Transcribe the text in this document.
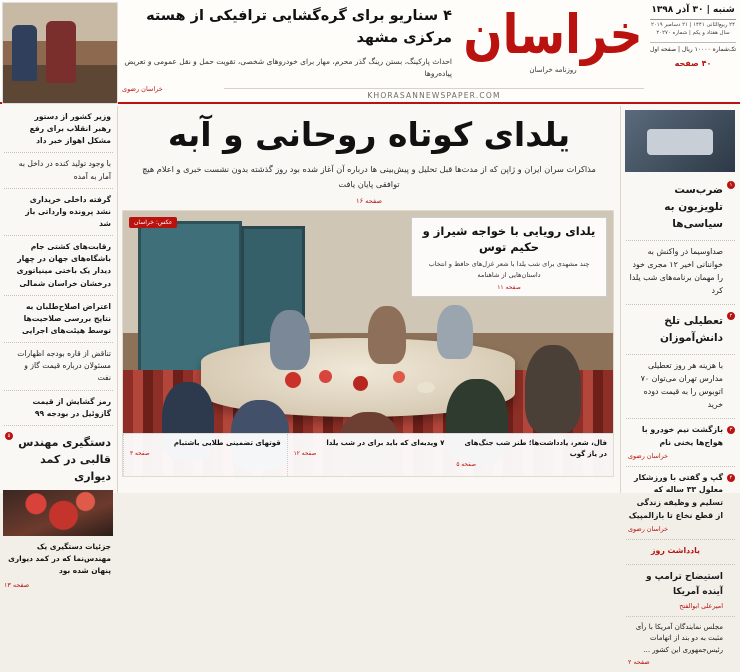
شنبه | ۳۰ آذر ۱۳۹۸
۲۴ ربیع‌الثانی ۱۴۴۱ | ۲۱ دسامبر ۲۰۱۹
سال هفتاد و یکم | شماره ۲۰۲۷۰
تک‌شماره ۱۰۰۰۰ ریال | صفحه اول
۴۰ صفحه
خراسان
روزنامه خراسان
۴ سناریو برای گره‌گشایی ترافیکی از هسته مرکزی مشهد
احداث پارکینگ، بستن رینگ گذر محرم، مهار برای خودروهای شخصی، تقویت حمل و نقل عمومی و تعریض پیاده‌روها
خراسان رضوی
KHORASANNEWSPAPER.COM
۱
ضرب‌ست تلویزیون به سیاسی‌ها
صداوسیما در واکنش به خواننانی اخیر ۱۲ مجری خود را مهمان برنامه‌های شب یلدا کرد
۲
تعطیلی تلخ دانش‌آموزان
با هزینه هر روز تعطیلی مدارس تهران می‌توان ۷۰ اتوبوس را به قیمت دوده خرید
۳
بازگشت نیم خودرو با هواج‌ها یخنی نام
خراسان رضوی
۴
گپ و گفتی با ورزشکار معلول ۳۳ ساله که تسلیم و وظیفه زندگی از قطع نخاع تا بازالمپیک
خراسان رضوی
یادداشت روز
استیضاح ترامپ و آینده آمریکا
امیرعلی ابوالفتح
مجلس نمایندگان آمریکا با رأی مثبت به دو بند از اتهامات رئیس‌جمهوری این کشور ...
صفحه ۲
یلدای کوتاه روحانی و آبه
مذاکرات سران ایران و ژاپن که از مدت‌ها قبل تحلیل و پیش‌بینی ها درباره آن آغاز شده بود روز گذشته بدون نشست خبری و اعلام هیچ توافقی پایان یافت
صفحه ۱۶
عکس: خراسان
یلدای رویایی با خواجه شیراز و حکیم توس
چند مشهدی برای شب یلدا با شعر غزل‌های حافظ و انتخاب داستان‌هایی از شاهنامه
صفحه ۱۱
قوتهای تضمینی طلایی باشتبام
صفحه ۳
۷ ویدیه‌ای که باید برای در شب یلدا
صفحه ۱۲
فال، شعر، یادداشت‌ها؛ طنز شب جنگ‌های در یاز گوب
صفحه ۵
وزیر کشور از دستور رهبر انقلاب برای رفع مشکل اهواز خبر داد
با وجود تولید کنده در داخل به آمار به آمده
گرفته داخلی خریداری نشد پرونده وارداتی باز شد
رقابت‌های کشتی جام باشگاه‌های جهان در چهار دیدار یک باختی مینیاتوری درخشان خراسان شمالی
اعتراض اصلاح‌طلبان به نتایج بررسی صلاحیت‌ها توسط هیئت‌های اجرایی
تناقض از قاره بودجه اظهارات مسئولان درباره قیمت گاز و نفت
رمز گشایش از قیمت گازوئیل در بودجه ۹۹
۵ دستگیری مهندس قالبی در کمد دیواری
جزئیات دستگیری یک مهندس‌نما که در کمد دیواری پنهان شده بود
صفحه ۱۳
